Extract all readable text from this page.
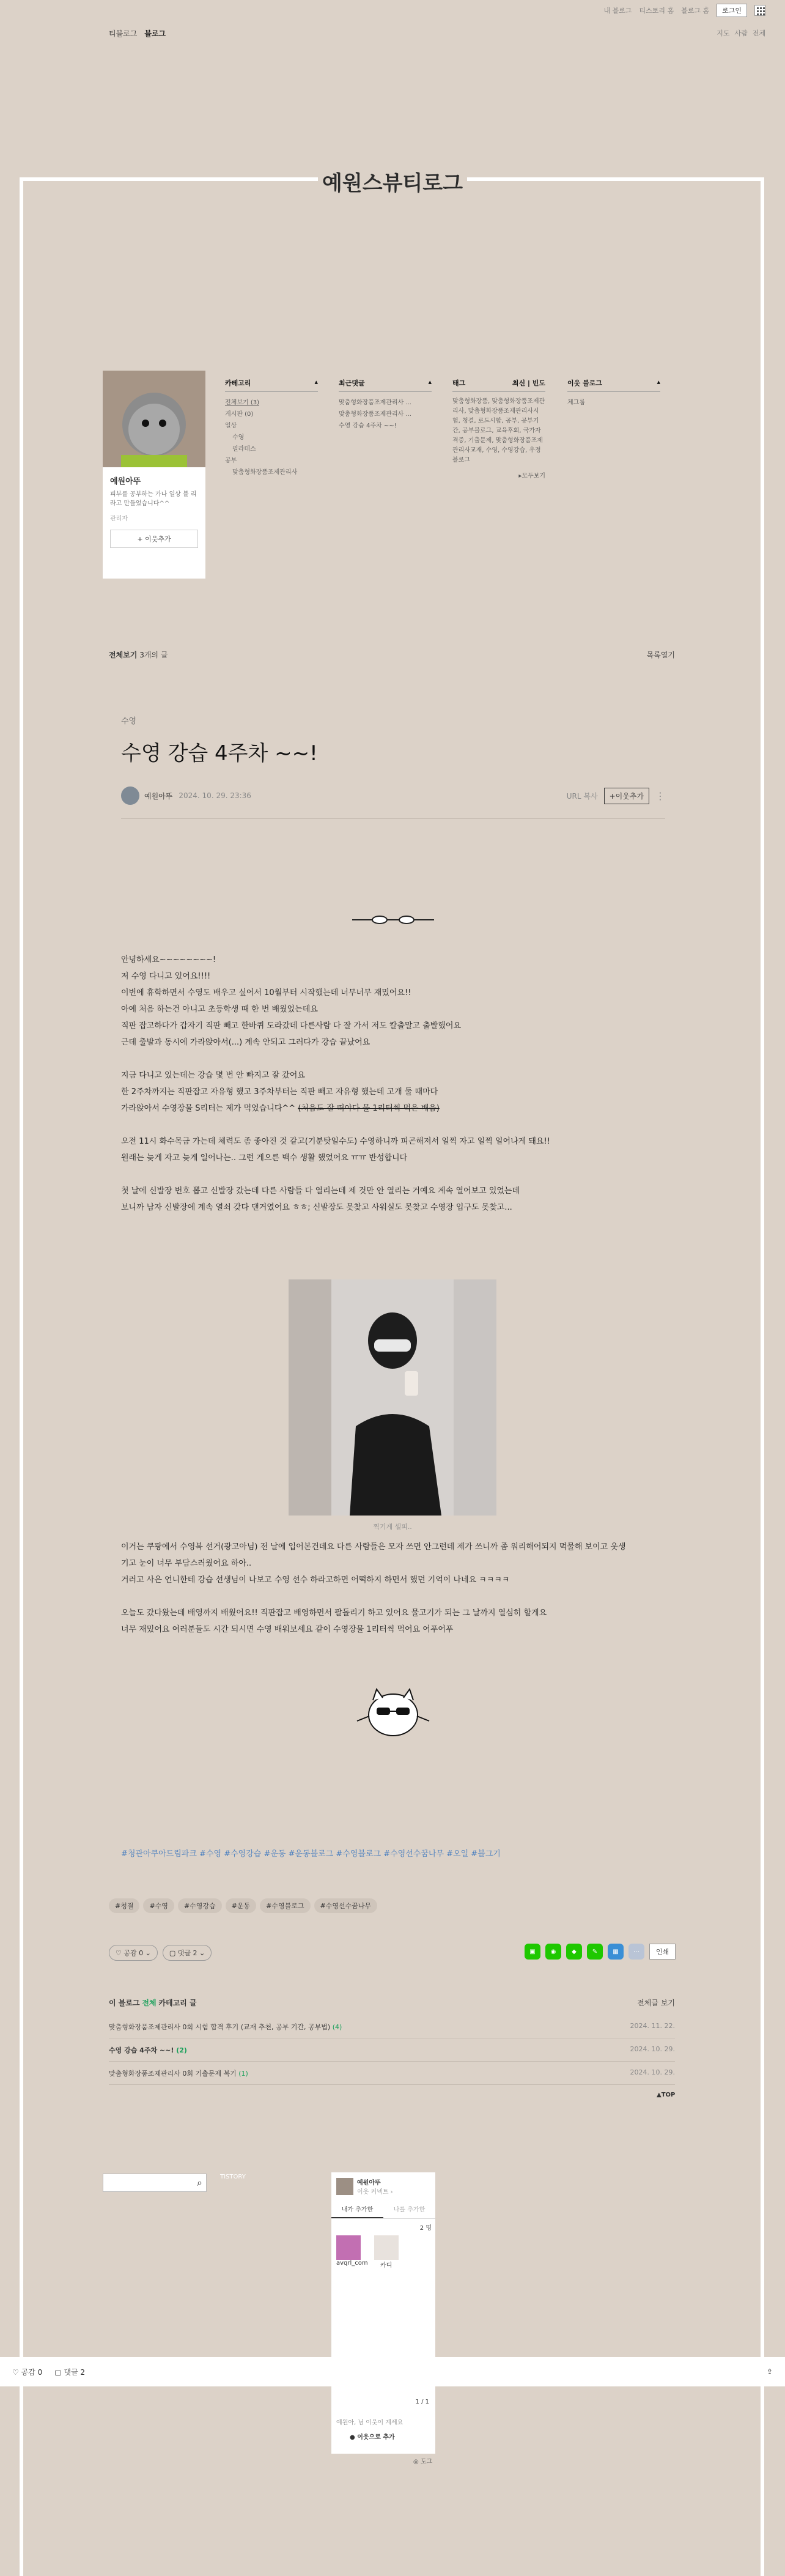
내 블로그 티스토리 홈 블로그 홈	로그인
티블로그 블로그	지도 사람 전체
예원스뷰티로그
예원아뚜
피부를 공부하는 가나 일상 블 리라고 만들었습니다^^
관리자
+ 이웃추가
카테고리	▴
전체보기 (3)
게시판 (0)
일상
수영
필라테스
공부
맞춤형화장품조제관리사
최근댓글	▴
맞춤형화장품조제관리사 ...
맞춤형화장품조제관리사 ...
수영 강습 4주차 ~~!
태그	최신 | 빈도
맞춤형화장품, 맞춤형화장품조제관리사, 맞춤형화장품조제관리사시험, 청결, 로드시합, 공부, 공부기간, 공부블로그, 교육후회, 국가자격증, 기출문제, 맞춤형화장품조제관리사교재, 수영, 수영강습, 우정블로그
▸모두보기
이웃 블로그	▴
체그룹
전체보기 3개의 글	목록열기
수영
수영 강습 4주차 ~~!
예원아뚜 2024. 10. 29. 23:36	URL 복사	+이웃추가	⋮

안녕하세요~~~~~~~~!

저 수영 다니고 있어요!!!!

이번에 휴학하면서 수영도 배우고 싶어서 10월부터 시작했는데 너무너무 재밌어요!!

아예 처음 하는건 아니고 초등학생 때 한 번 배웠었는데요

직판 잡고하다가 갑자기 직판 빼고 한바퀴 도라갔데 다른사람 다 잘 가서 저도 칼출말고 출발했어요

근데 출발과 동시에 가라앉아서(...) 계속 안되고 그러다가 강습 끝났어요

지금 다니고 있는데는 강습 몇 번 안 빠지고 잘 갔어요

한 2주차까지는 직판잡고 자유형 했고 3주차부터는 직판 빼고 자유형 했는데 고개 둘 때마다

가라앉아서 수영장물 S리터는 제가 먹었습니다^^ (처음도 잘 떠야다 물 1리터씩 먹은 배음)

오전 11시 화수목금 가는데 체력도 좀 좋아진 것 같고(기분탓일수도) 수영하니까 피곤해져서 일찍 자고 일찍 일어나게 돼요!!

원래는 늦게 자고 늦게 일어나는.. 그런 게으른 백수 생활 했었어요 ㅠㅠ 반성합니다

첫 날에 신발장 번호 뽑고 신발장 갔는데 다른 사람들 다 열리는데 제 것만 안 열리는 거예요 계속 열어보고 있었는데

보니까 남자 신발장에 계속 열쇠 갖다 댄거였어요 ㅎㅎ; 신발장도 못찾고 사워실도 못찾고 수영장 입구도 못찾고...

찍기게 셀피..

이거는 쿠팡에서 수영복 선거(광고아님) 전 날에 입어본건데요 다른 사람들은 모자 쓰면 안그런데 제가 쓰니까 좀 워리해어되지 먹물해 보이고 웃생

기고 눈이 너무 부담스러웠어요 하아..

거러고 사은 언니한테 강습 선생님이 나보고 수영 선수 하라고하면 어떡하지 하면서 했던 기억이 나네요 ㅋㅋㅋㅋ

오늘도 갔다왔는데 배영까지 배웠어요!! 직판잡고 배영하면서 팔돌리기 하고 있어요 물고기가 되는 그 날까지 열심히 할게요

너무 재밌어요 여러분들도 시간 되시면 수영 배워보세요 같이 수영장물 1리터씩 먹어요 어푸어푸

#청관아쿠아드림파크 #수영 #수영강습 #운동 #운동블로그 #수영블로그 #수영선수꿈나무 #오일 #블그기
#청결	#수영	#수영강습	#운동	#수영블로그	#수영선수꿈나무
♡ 공감 0 ⌄	▢ 댓글 2 ⌄	▣	◉	◆	✎	▦	⋯	인쇄
이 블로그 전체 카테고리 글	전체글 보기
맞춤형화장품조제관리사 0회 시험 합격 후기 (교재 추천, 공부 기간, 공부법) (4)	2024. 11. 22.
수영 강습 4주차 ~~! (2)	2024. 10. 29.
맞춤형화장품조제관리사 0회 기출문제 복기 (1)	2024. 10. 29.
▲TOP
⌕	TISTORY
예원아뚜
이웃 커넥트 ›
내가 추가한	나를 추가한
2 명
avqrl_com	카디
1 / 1
예원아, 님 이웃이 계세요
● 이웃으로 추가
◎ 도그
♡ 공감 0 ▢ 댓글 2	⇪
